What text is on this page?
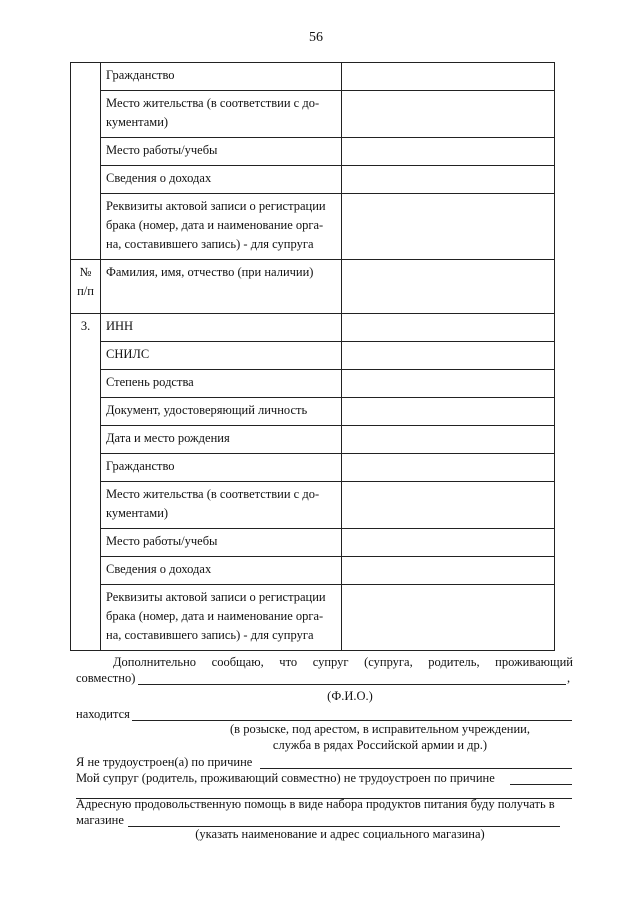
56
	Гражданство	
	Место жительства (в соответствии с до-
кументами)	
	Место работы/учебы	
	Сведения о доходах	
	Реквизиты актовой записи о регистрации
брака (номер, дата и наименование орга-
на, составившего запись) - для супруга	
№
п/п	Фамилия, имя, отчество (при наличии)	
3.	ИНН	
	СНИЛС	
	Степень родства	
	Документ, удостоверяющий личность	
	Дата и место рождения	
	Гражданство	
	Место жительства (в соответствии с до-
кументами)	
	Место работы/учебы	
	Сведения о доходах	
	Реквизиты актовой записи о регистрации
брака (номер, дата и наименование орга-
на, составившего запись) - для супруга	
Дополнительно сообщаю, что супруг (супруга, родитель, проживающий
совместно)	,
(Ф.И.О.)
находится
(в розыске, под арестом, в исправительном учреждении,
служба в рядах Российской армии и др.)
Я не трудоустроен(а) по причине
Мой супруг (родитель, проживающий совместно) не трудоустроен по причине
Адресную продовольственную помощь в виде набора продуктов питания буду получать в
магазине
(указать наименование и адрес социального магазина)
